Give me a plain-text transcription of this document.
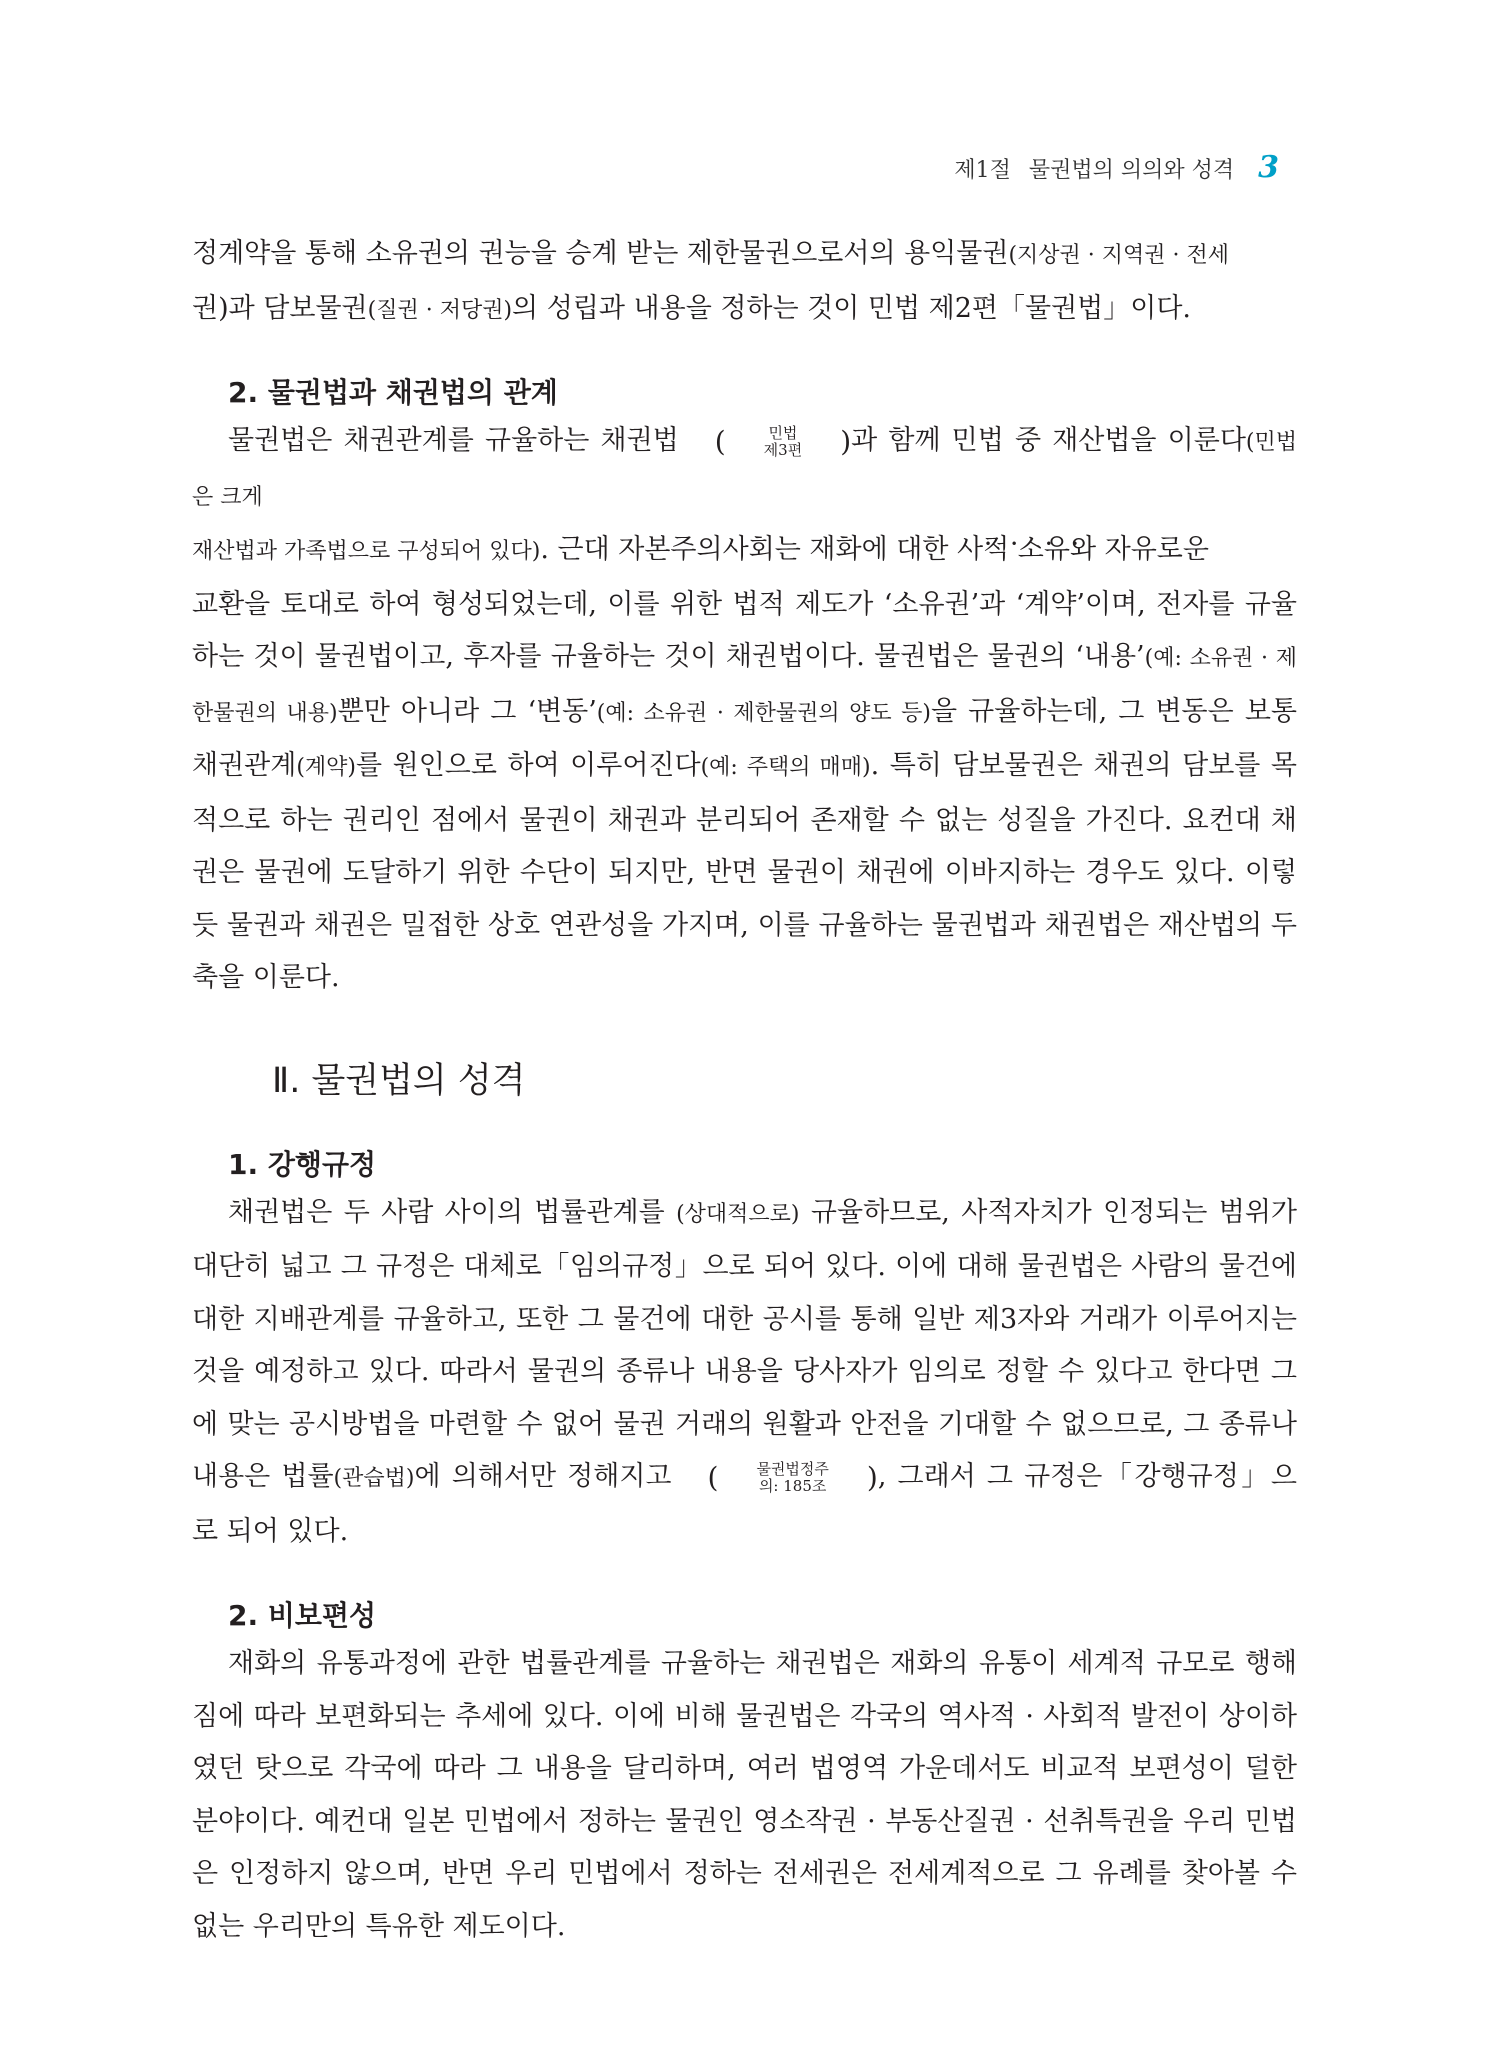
제1절 물권법의 의의와 성격 3

정계약을 통해 소유권의 권능을 승계 받는 제한물권으로서의 용익물권(지상권 · 지역권 · 전세
권)과 담보물권(질권 · 저당권)의 성립과 내용을 정하는 것이 민법 제2편「물권법」이다.

2. 물권법과 채권법의 관계

물권법은 채권관계를 규율하는 채권법 (	민법
제3편 )과 함께 민법 중 재산법을 이룬다(민법은 크게
재산법과 가족법으로 구성되어 있다). 근대 자본주의사회는 재화에 대한 • 사• 적 • 소• 유와 자유로운
• 교환을 토대로 하여 형성되었는데, 이를 위한 법적 제도가 ‘소유권’과 ‘계약’이며, 전자를 규율하는 것이 물권법이고, 후자를 규율하는 것이 채권법이다. 물권법은 물권의 ‘내용’(예: 소유권 · 제한물권의 내용)뿐만 아니라 그 ‘변동’(예: 소유권 · 제한물권의 양도 등)을 규율하는데, 그 변동은 보통 채권관계(계약)를 원인으로 하여 이루어진다(예: 주택의 매매). 특히 담보물권은 채권의 담보를 목적으로 하는 권리인 점에서 물권이 채권과 분리되어 존재할 수 없는 성질을 가진다. 요컨대 채권은 물권에 도달하기 위한 수단이 되지만, 반면 물권이 채권에 이바지하는 경우도 있다. 이렇듯 물권과 채권은 밀접한 상호 연관성을 가지며, 이를 규율하는 물권법과 채권법은 재산법의 두 축을 이룬다.

Ⅱ. 물권법의 성격
1. 강행규정

채권법은 두 사람 사이의 법률관계를 (상대적으로) 규율하므로, 사적자치가 인정되는 범위가 대단히 넓고 그 규정은 대체로「임의규정」으로 되어 있다. 이에 대해 물권법은 사람의 물건에 대한 지배관계를 규율하고, 또한 그 물건에 대한 공시를 통해 일반 제3자와 거래가 이루어지는 것을 예정하고 있다. 따라서 물권의 종류나 내용을 당사자가 임의로 정할 수 있다고 한다면 그에 맞는 공시방법을 마련할 수 없어 물권 거래의 원활과 안전을 기대할 수 없으므로, 그 종류나 내용은 법률(관습법)에 의해서만 정해지고 (	물권법정주
의: 185조 ), 그래서 그 규정은「강행규정」으로 되어 있다.

2. 비보편성

재화의 유통과정에 관한 법률관계를 규율하는 채권법은 재화의 유통이 세계적 규모로 행해짐에 따라 보편화되는 추세에 있다. 이에 비해 물권법은 각국의 역사적 · 사회적 발전이 상이하였던 탓으로 각국에 따라 그 내용을 달리하며, 여러 법영역 가운데서도 비교적 보편성이 덜한 분야이다. 예컨대 일본 민법에서 정하는 물권인 영소작권 · 부동산질권 · 선취특권을 우리 민법은 인정하지 않으며, 반면 우리 민법에서 정하는 전세권은 전세계적으로 그 유례를 찾아볼 수 없는 우리만의 특유한 제도이다.
